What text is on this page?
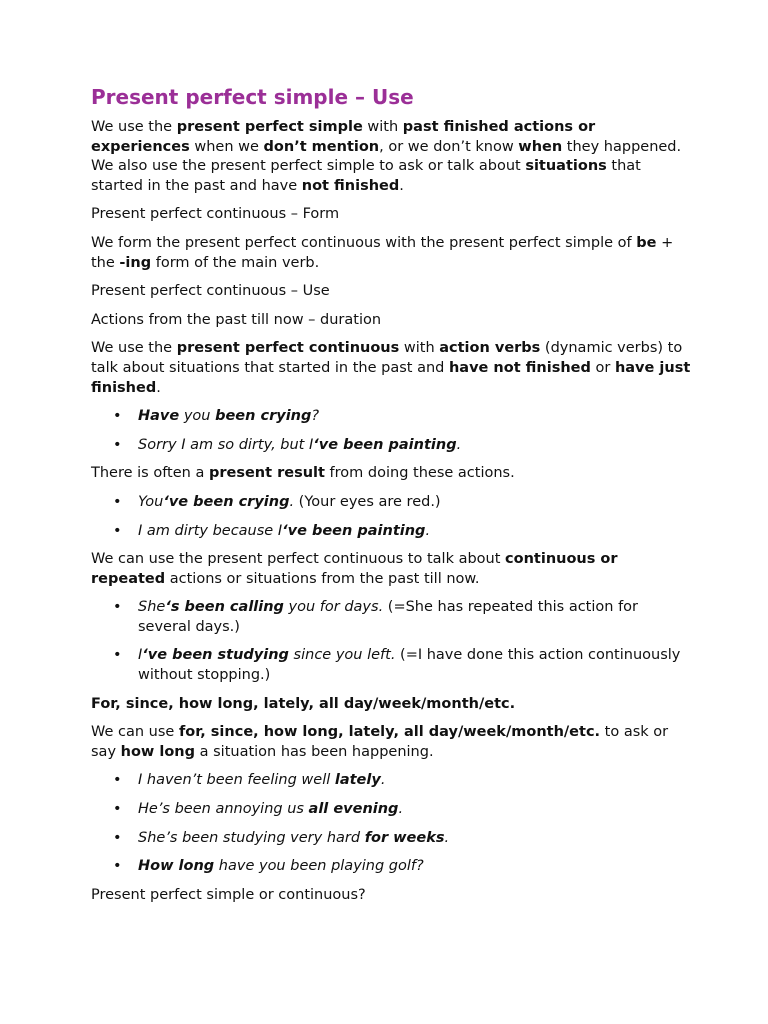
Present perfect simple – Use

We use the present perfect simple with past finished actions or experiences when we don’t mention, or we don’t know when they happened. We also use the present perfect simple to ask or talk about situations that started in the past and have not finished.

Present perfect continuous – Form

We form the present perfect continuous with the present perfect simple of be + the -ing form of the main verb.

Present perfect continuous – Use

Actions from the past till now – duration

We use the present perfect continuous with action verbs (dynamic verbs) to talk about situations that started in the past and have not finished or have just finished.

• Have you been crying?
• Sorry I am so dirty, but I‘ve been painting.

There is often a present result from doing these actions.

• You‘ve been crying. (Your eyes are red.)
• I am dirty because I‘ve been painting.

We can use the present perfect continuous to talk about continuous or repeated actions or situations from the past till now.

• She‘s been calling you for days. (=She has repeated this action for several days.)
• I‘ve been studying since you left. (=I have done this action continuously without stopping.)

For, since, how long, lately, all day/week/month/etc.

We can use for, since, how long, lately, all day/week/month/etc. to ask or say how long a situation has been happening.

• I haven’t been feeling well lately.
• He’s been annoying us all evening.
• She’s been studying very hard for weeks.
• How long have you been playing golf?

Present perfect simple or continuous?
